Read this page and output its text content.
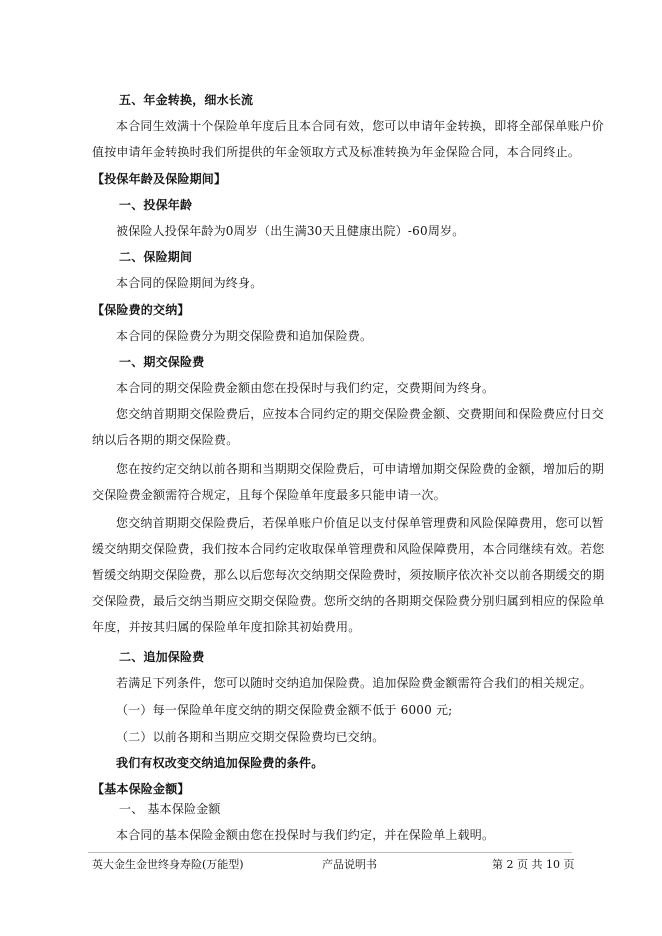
五、年金转换，细水长流
本合同生效满十个保险单年度后且本合同有效，您可以申请年金转换，即将全部保单账户价
值按申请年金转换时我们所提供的年金领取方式及标准转换为年金保险合同，本合同终止。
【投保年龄及保险期间】
一、投保年龄
被保险人投保年龄为0周岁（出生满30天且健康出院）-60周岁。
二、保险期间
本合同的保险期间为终身。
【保险费的交纳】
本合同的保险费分为期交保险费和追加保险费。
一、期交保险费
本合同的期交保险费金额由您在投保时与我们约定，交费期间为终身。
您交纳首期期交保险费后，应按本合同约定的期交保险费金额、交费期间和保险费应付日交
纳以后各期的期交保险费。
您在按约定交纳以前各期和当期期交保险费后，可申请增加期交保险费的金额，增加后的期
交保险费金额需符合规定，且每个保险单年度最多只能申请一次。
您交纳首期期交保险费后，若保单账户价值足以支付保单管理费和风险保障费用，您可以暂
缓交纳期交保险费，我们按本合同约定收取保单管理费和风险保障费用，本合同继续有效。若您
暂缓交纳期交保险费，那么以后您每次交纳期交保险费时，须按顺序依次补交以前各期缓交的期
交保险费，最后交纳当期应交期交保险费。您所交纳的各期期交保险费分别归属到相应的保险单
年度，并按其归属的保险单年度扣除其初始费用。
二、追加保险费
若满足下列条件，您可以随时交纳追加保险费。追加保险费金额需符合我们的相关规定。
（一）每一保险单年度交纳的期交保险费金额不低于 6000 元;
（二）以前各期和当期应交期交保险费均已交纳。
我们有权改变交纳追加保险费的条件。
【基本保险金额】
一、 基本保险金额
本合同的基本保险金额由您在投保时与我们约定，并在保险单上载明。
英大金生金世终身寿险(万能型)	产品说明书	第 2 页 共 10 页
